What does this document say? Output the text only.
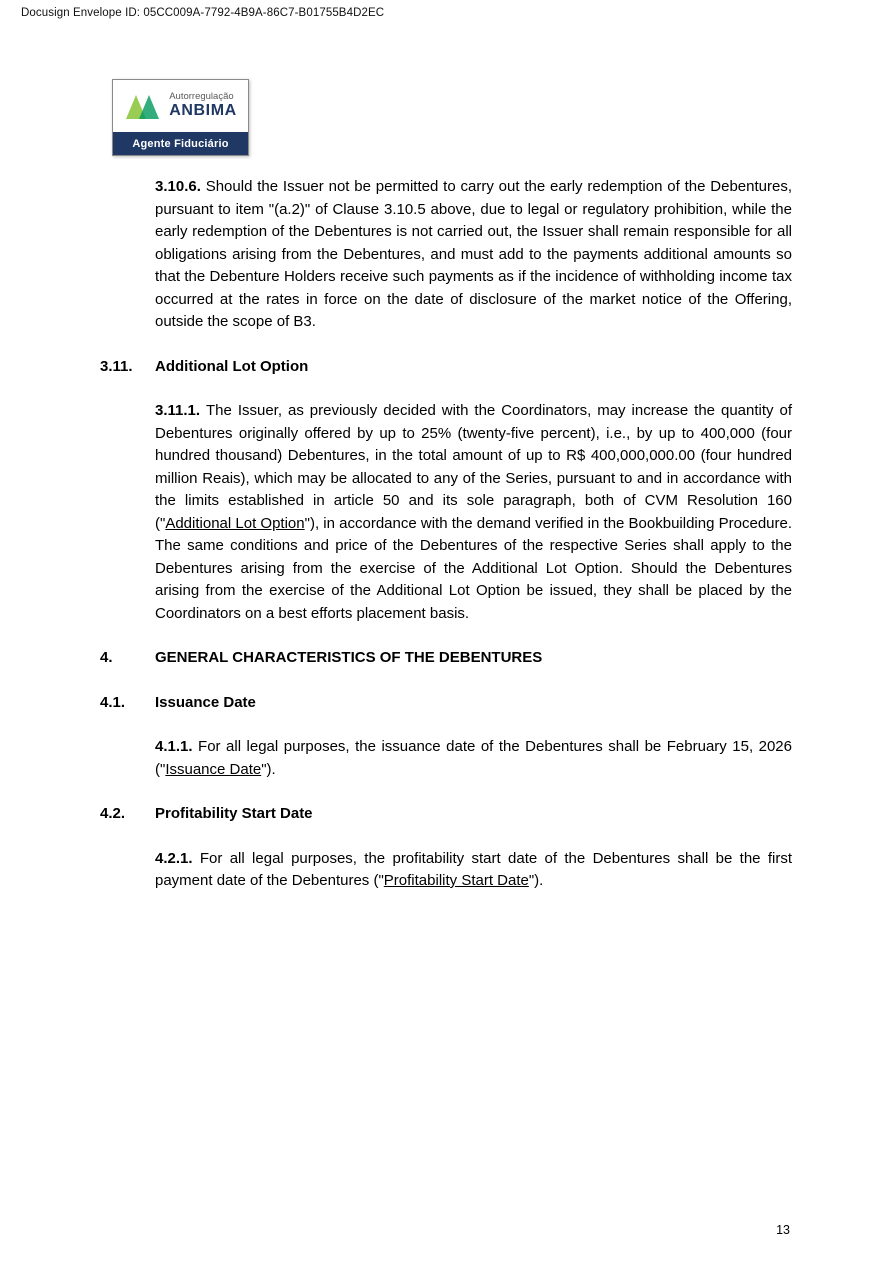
Docusign Envelope ID: 05CC009A-7792-4B9A-86C7-B01755B4D2EC
Autorregulação
ANBIMA
Agente Fiduciário

3.10.6. Should the Issuer not be permitted to carry out the early redemption of the Debentures, pursuant to item "(a.2)" of Clause 3.10.5 above, due to legal or regulatory prohibition, while the early redemption of the Debentures is not carried out, the Issuer shall remain responsible for all obligations arising from the Debentures, and must add to the payments additional amounts so that the Debenture Holders receive such payments as if the incidence of withholding income tax occurred at the rates in force on the date of disclosure of the market notice of the Offering, outside the scope of B3.

3.11.	Additional Lot Option

3.11.1. The Issuer, as previously decided with the Coordinators, may increase the quantity of Debentures originally offered by up to 25% (twenty-five percent), i.e., by up to 400,000 (four hundred thousand) Debentures, in the total amount of up to R$ 400,000,000.00 (four hundred million Reais), which may be allocated to any of the Series, pursuant to and in accordance with the limits established in article 50 and its sole paragraph, both of CVM Resolution 160 ("Additional Lot Option"), in accordance with the demand verified in the Bookbuilding Procedure. The same conditions and price of the Debentures of the respective Series shall apply to the Debentures arising from the exercise of the Additional Lot Option. Should the Debentures arising from the exercise of the Additional Lot Option be issued, they shall be placed by the Coordinators on a best efforts placement basis.

4.	GENERAL CHARACTERISTICS OF THE DEBENTURES
4.1.	Issuance Date

4.1.1. For all legal purposes, the issuance date of the Debentures shall be February 15, 2026 ("Issuance Date").

4.2.	Profitability Start Date

4.2.1. For all legal purposes, the profitability start date of the Debentures shall be the first payment date of the Debentures ("Profitability Start Date").

13
